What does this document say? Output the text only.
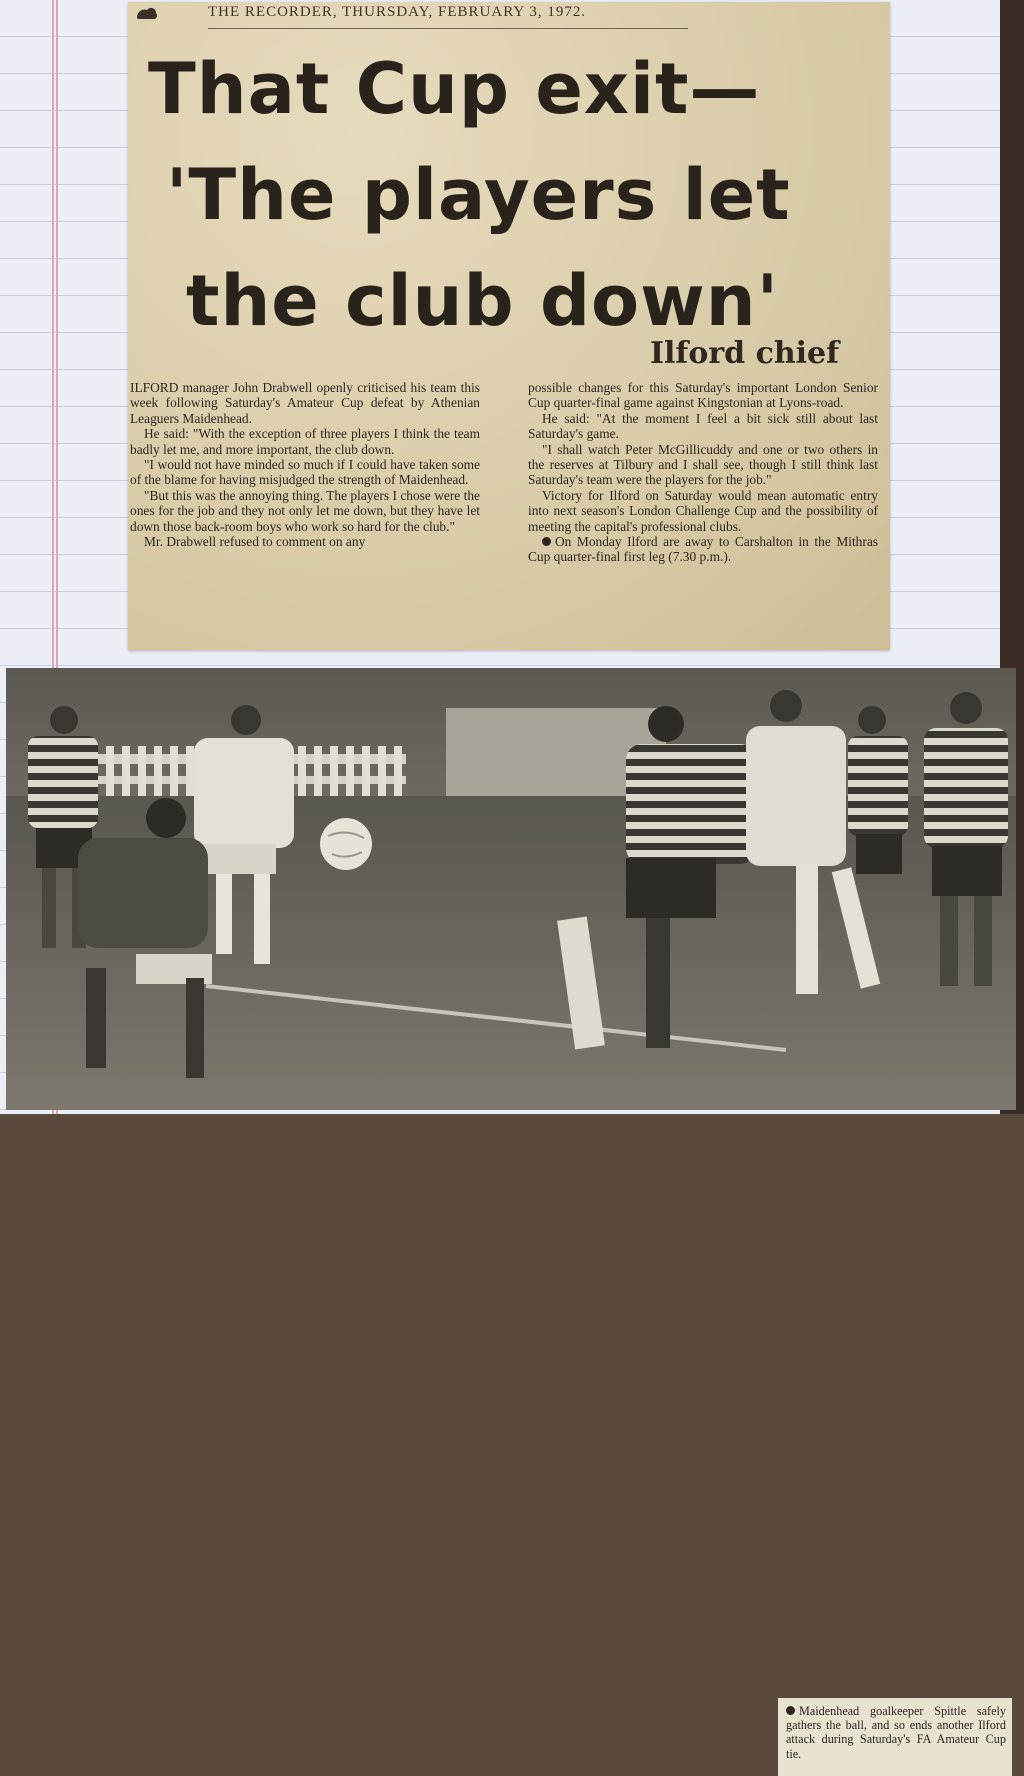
THE RECORDER, THURSDAY, FEBRUARY 3, 1972.
That Cup exit—
'The players let
the club down'
Ilford chief

ILFORD manager John Drabwell openly criticised his team this week following Saturday's Amateur Cup defeat by Athenian Leaguers Maidenhead.

He said: "With the exception of three players I think the team badly let me, and more important, the club down.

"I would not have minded so much if I could have taken some of the blame for having misjudged the strength of Maidenhead.

"But this was the annoying thing. The players I chose were the ones for the job and they not only let me down, but they have let down those back-room boys who work so hard for the club."

Mr. Drabwell refused to comment on any

possible changes for this Saturday's important London Senior Cup quarter-final game against Kingstonian at Lyons-road.

He said: "At the moment I feel a bit sick still about last Saturday's game.

"I shall watch Peter McGillicuddy and one or two others in the reserves at Tilbury and I shall see, though I still think last Saturday's team were the players for the job."

Victory for Ilford on Saturday would mean automatic entry into next season's London Challenge Cup and the possibility of meeting the capital's professional clubs.

On Monday Ilford are away to Carshalton in the Mithras Cup quarter-final first leg (7.30 p.m.).

Maidenhead goalkeeper Spittle safely gathers the ball, and so ends another Ilford attack during Saturday's FA Amateur Cup tie.
